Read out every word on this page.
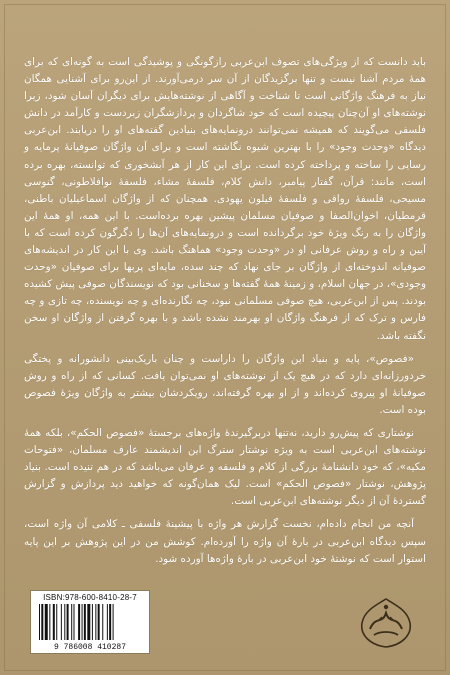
باید دانست که از ویژگی‌های تصوف ابن‌عربی رازگونگی و پوشیدگی است به گونه‌ای که برای همهٔ مردم آشنا نیست و تنها برگزیدگان از آن سر درمی‌آورند. از این‌رو برای آشنایی همگان نیاز به فرهنگ واژگانی است تا شناخت و آگاهی از نوشته‌هایش برای دیگران آسان شود، زیرا نوشته‌های او آن‌چنان پیچیده است که خود شاگردان و پردازشگران زبردست و کارآمد در دانش فلسفی می‌گویند که همیشه نمی‌توانند درونمایه‌های بنیادین گفته‌های او را دریابند. ابن‌عربی دیدگاه «وحدت وجود» را با بهترین شیوه نگاشته است و برای آن واژگان صوفیانهٔ پرمایه و رسایی را ساخته و پرداخته کرده است. برای این کار از هر آبشخوری که توانسته، بهره برده است، مانند: قرآن، گفتار پیامبر، دانش کلام، فلسفهٔ مشاء، فلسفهٔ نوافلاطونی، گنوسی مسیحی، فلسفهٔ رواقی و فلسفهٔ فیلون یهودی. همچنان که از واژگان اسماعیلیان باطنی، قرمطیان، اخوان‌الصفا و صوفیان مسلمان پیشین بهره برده‌است. با این همه، او همهٔ این واژگان را به رنگ ویژهٔ خود برگردانده است و درونمایه‌های آن‌ها را دگرگون کرده است که با آیین و راه و روش عرفانی او در «وحدت وجود» هماهنگ باشد. وی با این کار در اندیشه‌های صوفیانه اندوخته‌ای از واژگان بر جای نهاد که چند سده، مایه‌ای پربها برای صوفیان «وحدت وجودی»، در جهان اسلام، و زمینهٔ همهٔ گفته‌ها و سخنانی بود که نویسندگان صوفی پیش کشیده بودند. پس از ابن‌عربی، هیچ صوفی مسلمانی نبود، چه نگارنده‌ای و چه نویسنده، چه تازی و چه فارس و ترک که از فرهنگ واژگان او بهرمند نشده باشد و با بهره گرفتن از واژگان او سخن نگفته باشد.

«فصوص»، پایه و بنیاد این واژگان را داراست و چنان باریک‌بینی دانشورانه و پختگی خردورزانه‌ای دارد که در هیچ یک از نوشته‌های او نمی‌توان یافت. کسانی که از راه و روش صوفیانهٔ او پیروی کرده‌اند و از او بهره گرفته‌اند، رویکردشان بیشتر به واژگان ویژهٔ فصوص بوده است.

نوشتاری که پیش‌رو دارید، نه‌تنها دربرگیرندهٔ واژه‌های برجستهٔ «فصوص الحکم»، بلکه همهٔ نوشته‌های ابن‌عربی است به ویژه نوشتار سترگ این اندیشمند عارف مسلمان، «فتوحات مکیه»، که خود دانشنامهٔ بزرگی از کلام و فلسفه و عرفان می‌باشد که در هم تنیده است. بنیاد پژوهش، نوشتار «فصوص الحکم» است. لیک همان‌گونه که خواهید دید پردازش و گزارش گستردهٔ آن از دیگر نوشته‌های ابن‌عربی است.

آنچه من انجام داده‌ام، نخست گزارش هر واژه با پیشینهٔ فلسفی ـ کلامی آن واژه است، سپس دیدگاه ابن‌عربی در بارهٔ آن واژه را آورده‌ام. کوشش من در این پژوهش بر این پایه استوار است که نوشتهٔ خود ابن‌عربی در بارهٔ واژه‌ها آورده شود.

ISBN:978-600-8410-28-7
9 786008 410287
